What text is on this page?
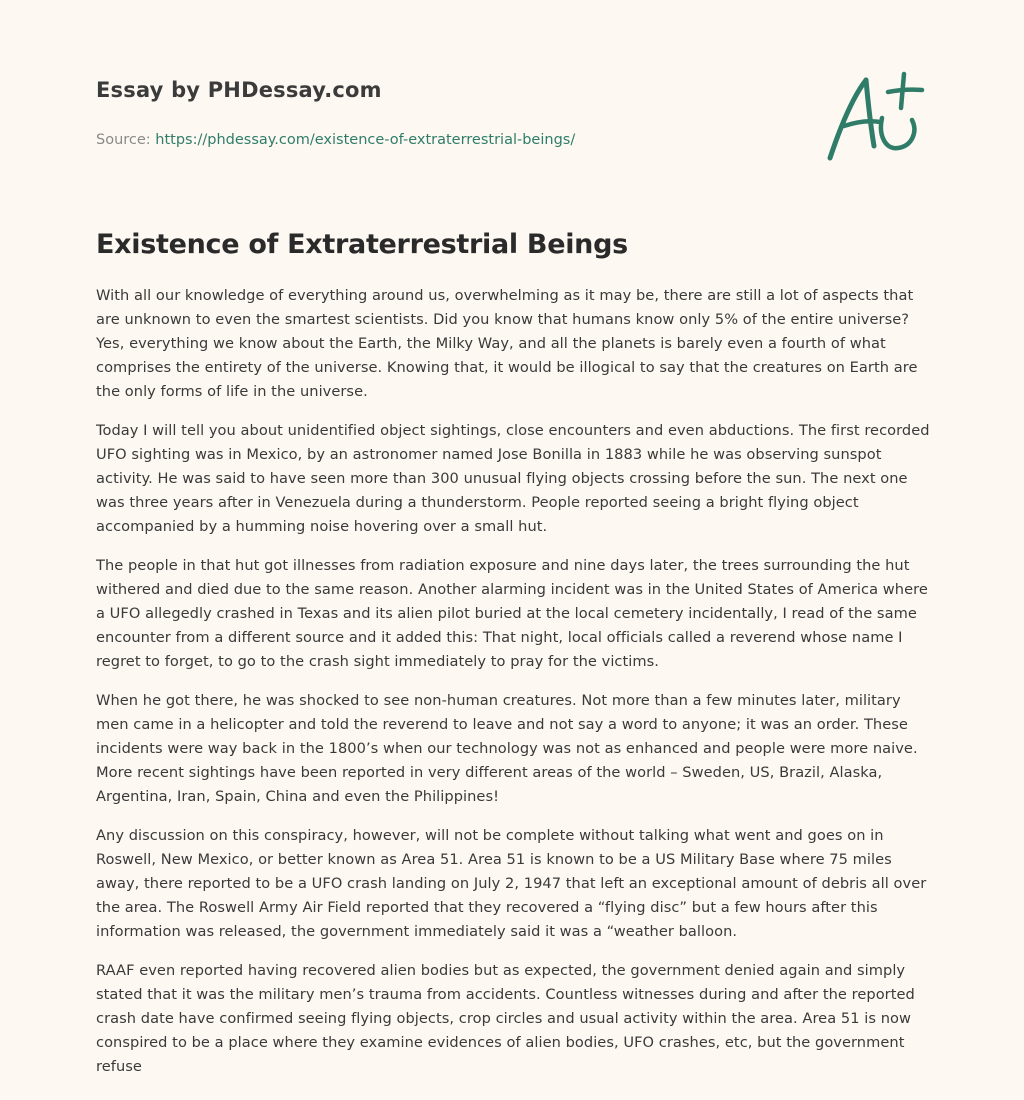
Essay by PHDessay.com
Source: https://phdessay.com/existence-of-extraterrestrial-beings/
Existence of Extraterrestrial Beings

With all our knowledge of everything around us, overwhelming as it may be, there are still a lot of aspects that are unknown to even the smartest scientists. Did you know that humans know only 5% of the entire universe? Yes, everything we know about the Earth, the Milky Way, and all the planets is barely even a fourth of what comprises the entirety of the universe. Knowing that, it would be illogical to say that the creatures on Earth are the only forms of life in the universe.

Today I will tell you about unidentified object sightings, close encounters and even abductions. The first recorded UFO sighting was in Mexico, by an astronomer named Jose Bonilla in 1883 while he was observing sunspot activity. He was said to have seen more than 300 unusual flying objects crossing before the sun. The next one was three years after in Venezuela during a thunderstorm. People reported seeing a bright flying object accompanied by a humming noise hovering over a small hut.

The people in that hut got illnesses from radiation exposure and nine days later, the trees surrounding the hut withered and died due to the same reason. Another alarming incident was in the United States of America where a UFO allegedly crashed in Texas and its alien pilot buried at the local cemetery incidentally, I read of the same encounter from a different source and it added this: That night, local officials called a reverend whose name I regret to forget, to go to the crash sight immediately to pray for the victims.

When he got there, he was shocked to see non-human creatures. Not more than a few minutes later, military men came in a helicopter and told the reverend to leave and not say a word to anyone; it was an order. These incidents were way back in the 1800’s when our technology was not as enhanced and people were more naive. More recent sightings have been reported in very different areas of the world – Sweden, US, Brazil, Alaska, Argentina, Iran, Spain, China and even the Philippines!

Any discussion on this conspiracy, however, will not be complete without talking what went and goes on in Roswell, New Mexico, or better known as Area 51. Area 51 is known to be a US Military Base where 75 miles away, there reported to be a UFO crash landing on July 2, 1947 that left an exceptional amount of debris all over the area. The Roswell Army Air Field reported that they recovered a “flying disc” but a few hours after this information was released, the government immediately said it was a “weather balloon.

RAAF even reported having recovered alien bodies but as expected, the government denied again and simply stated that it was the military men’s trauma from accidents. Countless witnesses during and after the reported crash date have confirmed seeing flying objects, crop circles and usual activity within the area. Area 51 is now conspired to be a place where they examine evidences of alien bodies, UFO crashes, etc, but the government refuse
